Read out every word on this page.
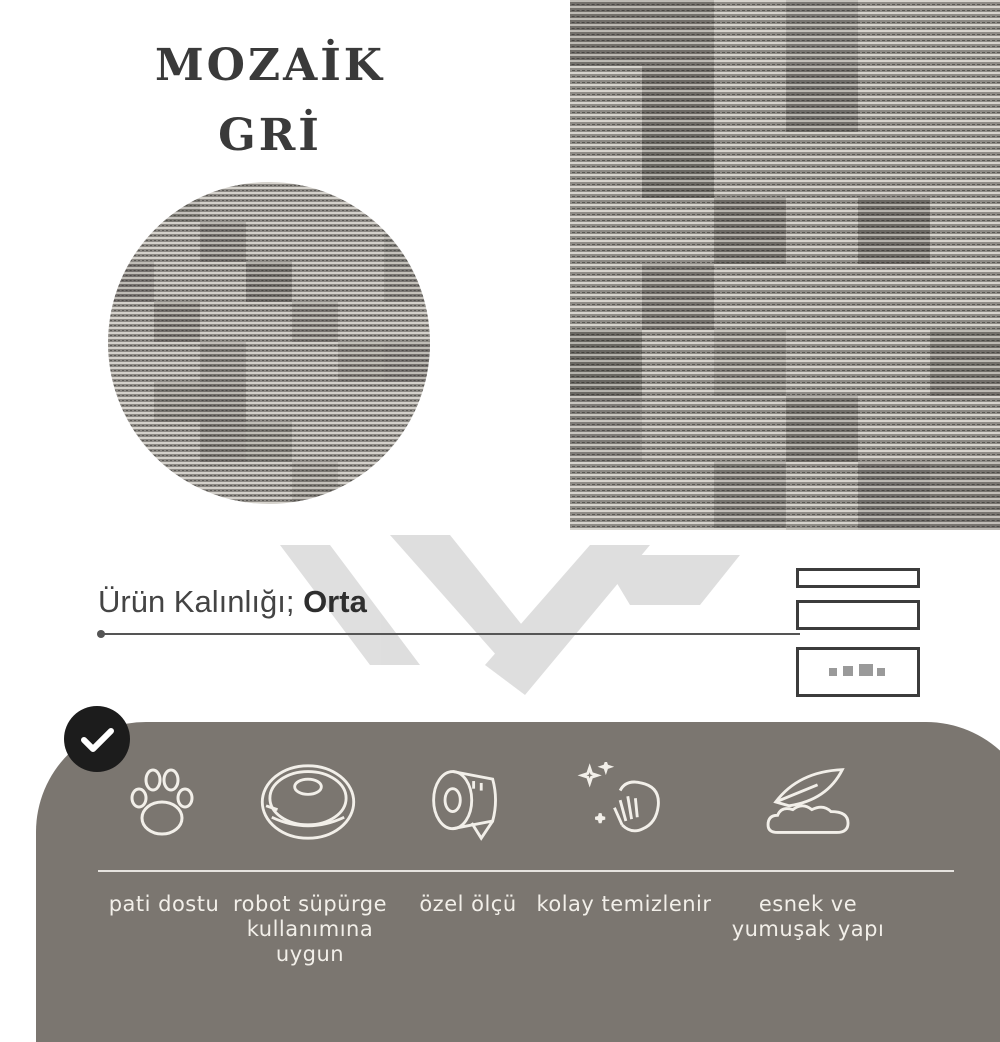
MOZAİK
GRİ
Ürün Kalınlığı; Orta
pati dostu robot süpürge kullanımına uygun
özel ölçü kolay temizlenir	esnek ve yumuşak yapı
